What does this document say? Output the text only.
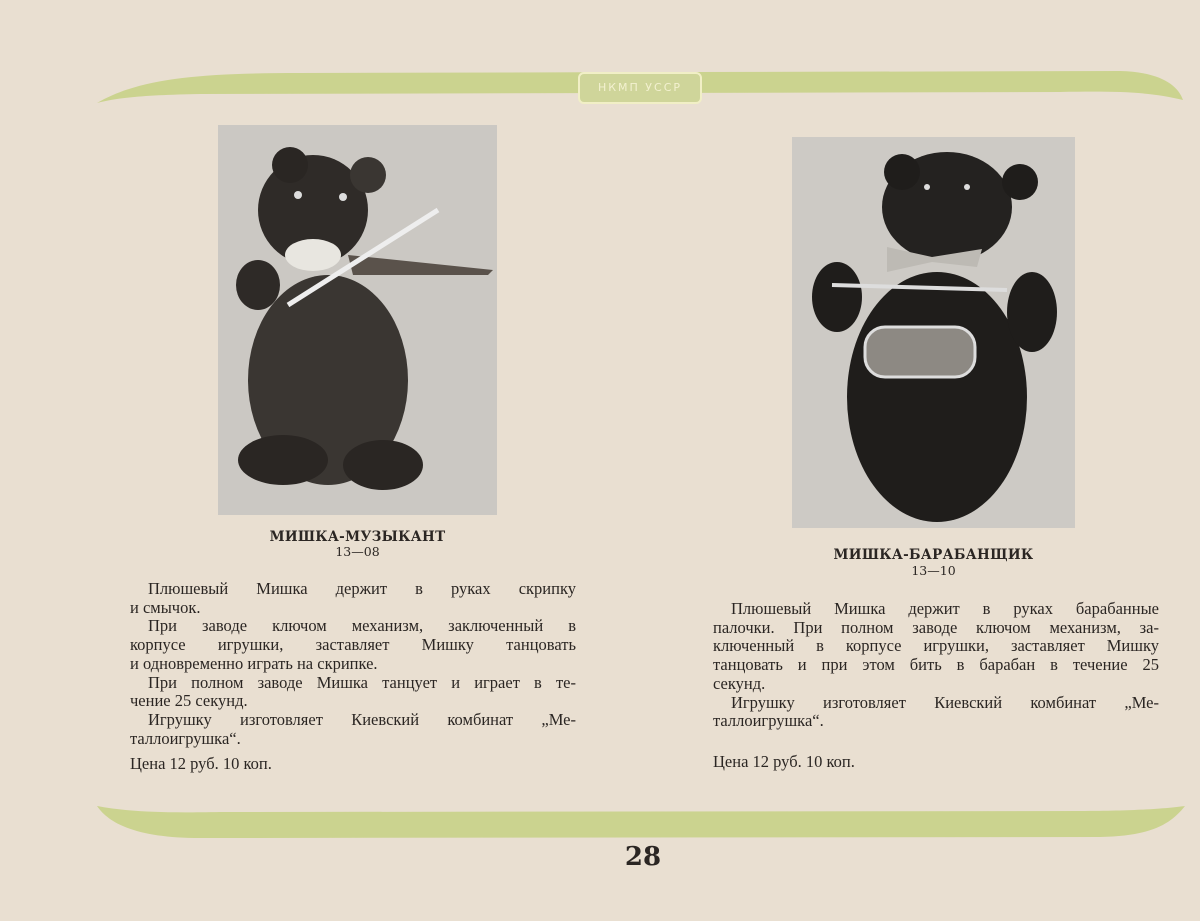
НКМП УССР
МИШКА-МУЗЫКАНТ
13—08
Плюшевый Мишка держит в руках скрипку
и смычок.
При заводе ключом механизм, заключенный в
корпусе игрушки, заставляет Мишку танцовать
и одновременно играть на скрипке.
При полном заводе Мишка танцует и играет в те-
чение 25 секунд.
Игрушку изготовляет Киевский комбинат „Ме-
таллоигрушка“.
Цена 12 руб. 10 коп.
МИШКА-БАРАБАНЩИК
13—10
Плюшевый Мишка держит в руках барабанные
палочки. При полном заводе ключом механизм, за-
ключенный в корпусе игрушки, заставляет Мишку
танцовать и при этом бить в барабан в течение 25
секунд.
Игрушку изготовляет Киевский комбинат „Ме-
таллоигрушка“.
Цена 12 руб. 10 коп.
28
